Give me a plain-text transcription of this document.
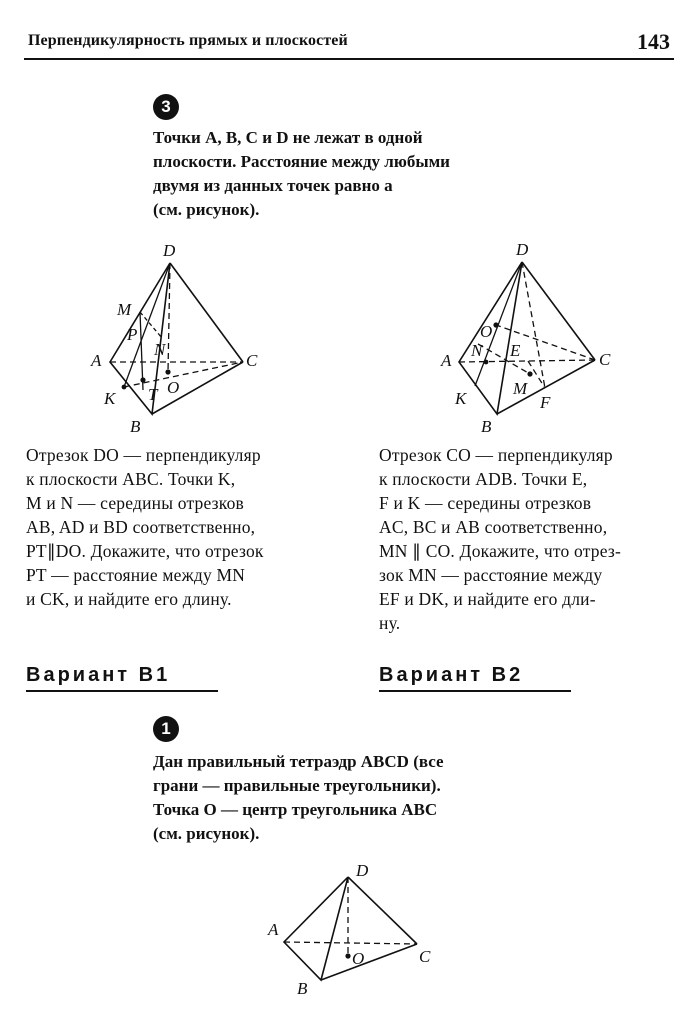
Перпендикулярность прямых и плоскостей	143
3

Точки A, B, C и D не лежат в одной

плоскости. Расстояние между любыми

двумя из данных точек равно a

(см. рисунок).

D
M
P
N
A	C
O
K T
B
D
O
A
N E	C
M
K	F
B

Отрезок DO — перпендикуляр

к плоскости ABC. Точки K,

M и N — середины отрезков

AB, AD и BD соответственно,

PT∥DO. Докажите, что отрезок

PT — расстояние между MN

и CK, и найдите его длину.

Отрезок CO — перпендикуляр

к плоскости ADB. Точки E,

F и K — середины отрезков

AC, BC и AB соответственно,

MN ∥ CO. Докажите, что отрез-

зок MN — расстояние между

EF и DK, и найдите его дли-

ну.

Вариант В1	Вариант В2
1

Дан правильный тетраэдр ABCD (все

грани — правильные треугольники).

Точка O — центр треугольника ABC

(см. рисунок).

D
A
O	C
B
